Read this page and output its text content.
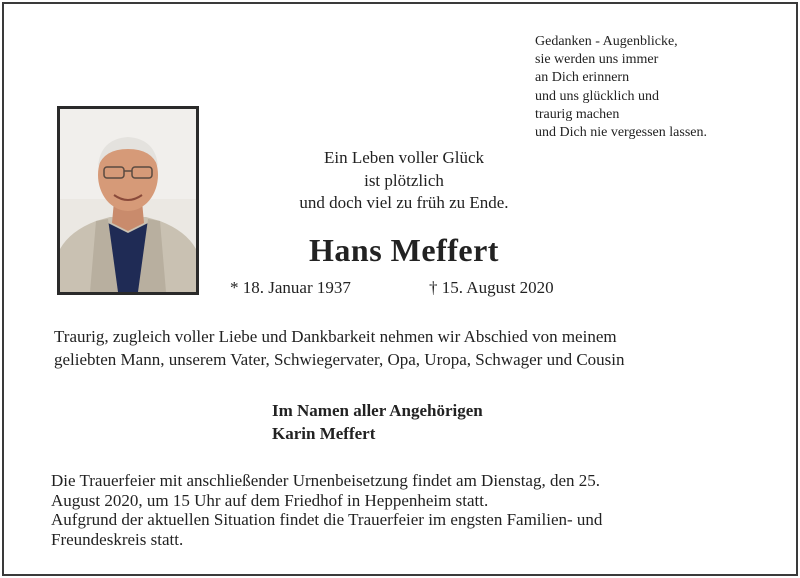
Gedanken - Augenblicke,
sie werden uns immer
an Dich erinnern
und uns glücklich und
traurig machen
und Dich nie vergessen lassen.
Ein Leben voller Glück
ist plötzlich
und doch viel zu früh zu Ende.
Hans Meffert
* 18. Januar 1937	† 15. August 2020
Traurig, zugleich voller Liebe und Dankbarkeit nehmen wir Abschied von meinem
geliebten Mann, unserem Vater, Schwiegervater, Opa, Uropa, Schwager und Cousin
Im Namen aller Angehörigen
Karin Meffert
Die Trauerfeier mit anschließender Urnenbeisetzung findet am Dienstag, den 25.
August 2020, um 15 Uhr auf dem Friedhof in Heppenheim statt.
Aufgrund der aktuellen Situation findet die Trauerfeier im engsten Familien- und
Freundeskreis statt.
